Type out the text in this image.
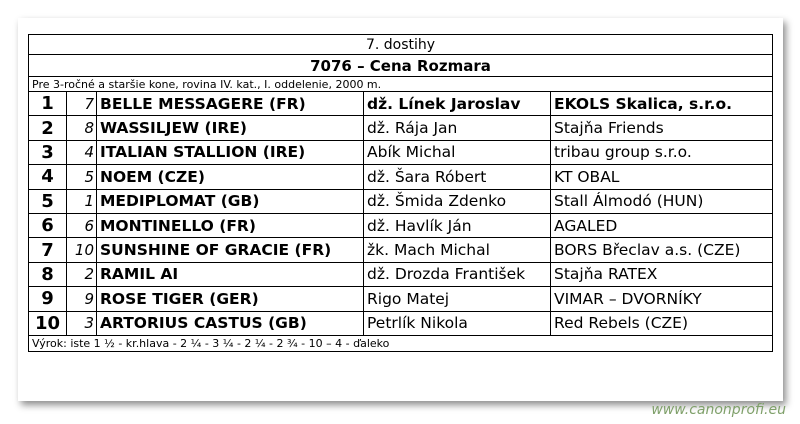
7. dostihy
7076 – Cena Rozmara
Pre 3-ročné a staršie kone, rovina IV. kat., I. oddelenie, 2000 m.
1	7 BELLE MESSAGERE (FR)	dž. Línek Jaroslav	EKOLS Skalica, s.r.o.
2	8 WASSILJEW (IRE)	dž. Rája Jan	Stajňa Friends
3	4 ITALIAN STALLION (IRE)	Abík Michal	tribau group s.r.o.
4	5 NOEM (CZE)	dž. Šara Róbert	KT OBAL
5	1 MEDIPLOMAT (GB)	dž. Šmida Zdenko	Stall Álmodó (HUN)
6	6 MONTINELLO (FR)	dž. Havlík Ján	AGALED
7	10 SUNSHINE OF GRACIE (FR)	žk. Mach Michal	BORS Břeclav a.s. (CZE)
8	2 RAMIL AI	dž. Drozda František	Stajňa RATEX
9	9 ROSE TIGER (GER)	Rigo Matej	VIMAR – DVORNÍKY
10	3 ARTORIUS CASTUS (GB)	Petrlík Nikola	Red Rebels (CZE)
Výrok: iste 1 ½ - kr.hlava - 2 ¼ - 3 ¼ - 2 ¼ - 2 ¾ - 10 – 4 - ďaleko
www.canonprofi.eu
